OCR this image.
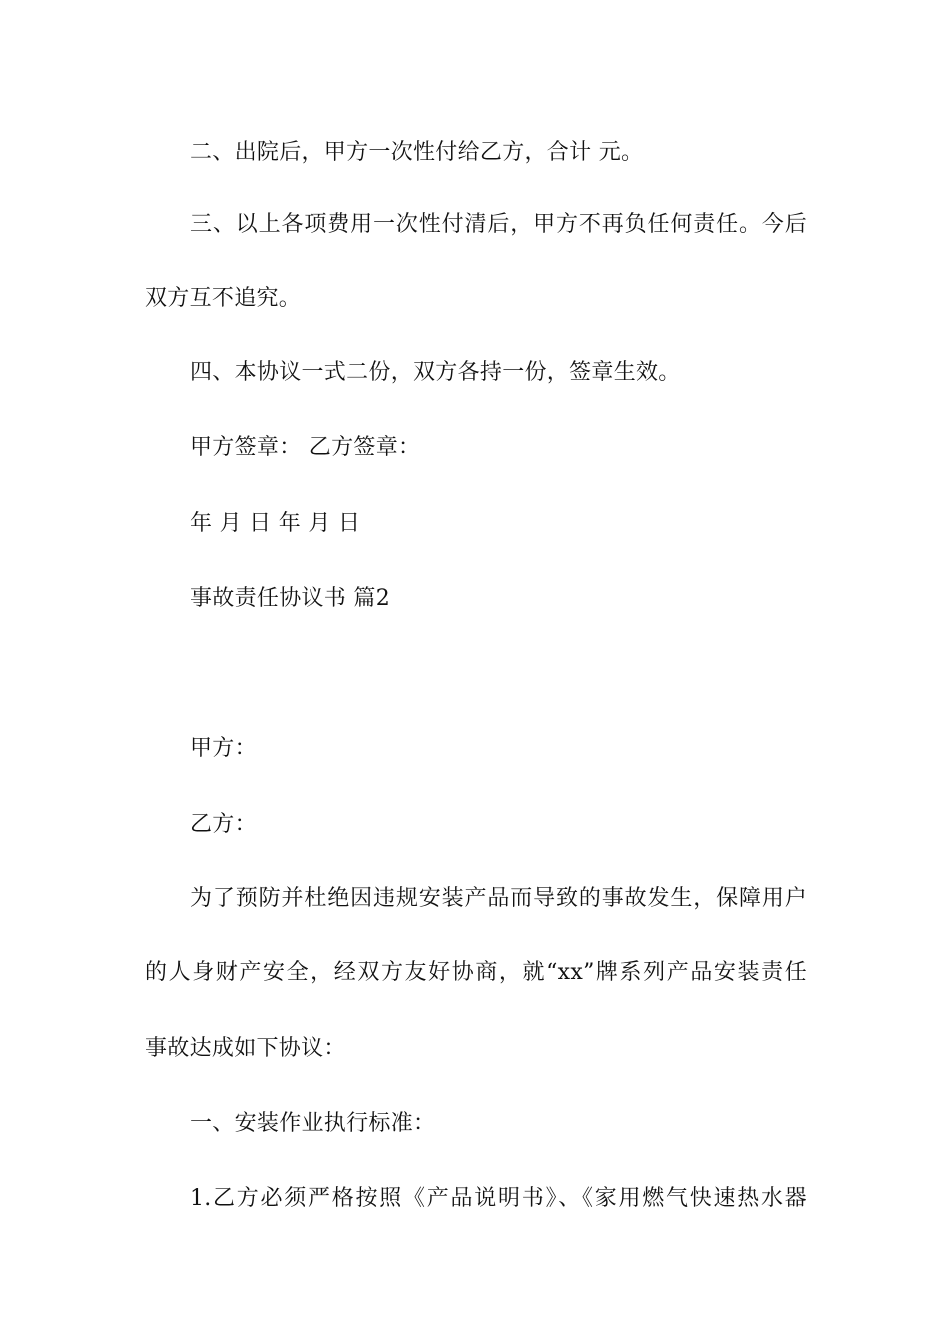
二、出院后，甲方一次性付给乙方，合计 元。
三、以上各项费用一次性付清后，甲方不再负任何责任。今后
双方互不追究。
四、本协议一式二份，双方各持一份，签章生效。
甲方签章： 乙方签章：
年 月 日 年 月 日
事故责任协议书 篇2
甲方：
乙方：
为了预防并杜绝因违规安装产品而导致的事故发生，保障用户
的人身财产安全，经双方友好协商，就“xx”牌系列产品安装责任
事故达成如下协议：
一、安装作业执行标准：
1.乙方必须严格按照《产品说明书》、《家用燃气快速热水器
